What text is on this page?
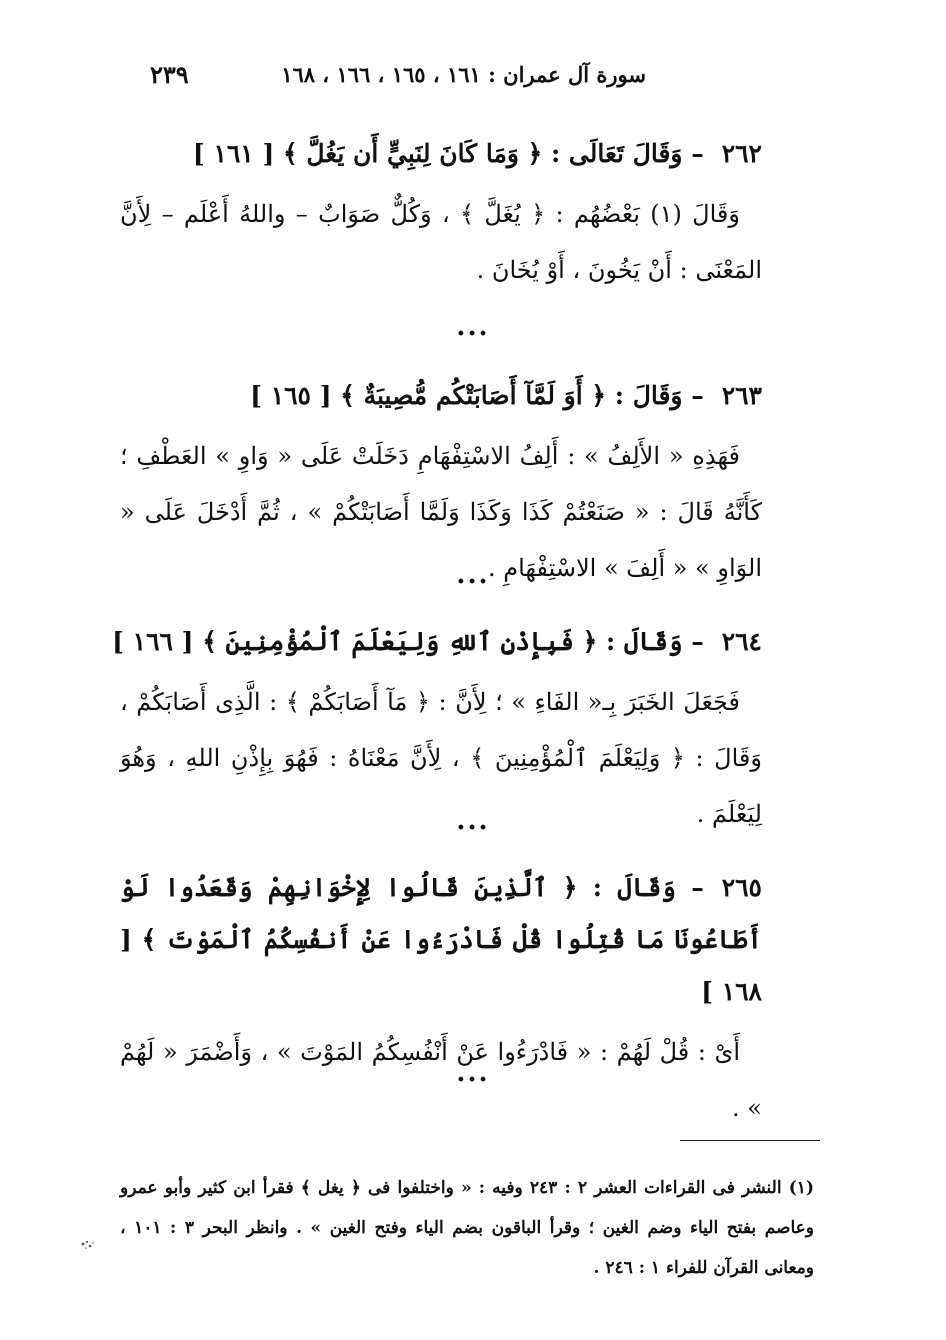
سورة آل عمران : ١٦١ ، ١٦٥ ، ١٦٦ ، ١٦٨
٢٣٩
٢٦٢– وَقَالَ تَعَالَى : ﴿ وَمَا كَانَ لِنَبِيٍّ أَن يَغُلَّ ﴾ [ ١٦١ ]
وَقَالَ (١) بَعْضُهُم : ﴿ يُغَلَّ ﴾ ، وَكُلٌّ صَوَابٌ – واللهُ أَعْلَم – لِأَنَّ المَعْنَى : أَنْ يَخُونَ ، أَوْ يُخَانَ .
...
٢٦٣– وَقَالَ : ﴿ أَوَ لَمَّآ أَصَابَتْكُم مُّصِيبَةٌ ﴾ [ ١٦٥ ]
فَهَذِهِ « الأَلِفُ » : أَلِفُ الاسْتِفْهَامِ دَخَلَتْ عَلَى « وَاوِ » العَطْفِ ؛ كَأَنَّهُ قَالَ : « صَنَعْتُمْ كَذَا وَكَذَا وَلَمَّا أَصَابَتْكُمْ » ، ثُمَّ أَدْخَلَ عَلَى « الوَاوِ » « أَلِفَ » الاسْتِفْهَامِ .
...
٢٦٤– وَقَالَ : ﴿ فَبِإِذْنِ ٱللهِ وَلِيَعْلَمَ ٱلْمُؤْمِنِينَ ﴾ [ ١٦٦ ]
فَجَعَلَ الخَبَرَ بِـ« الفَاءِ » ؛ لِأَنَّ : ﴿ مَآ أَصَابَكُمْ ﴾ : الَّذِى أَصَابَكُمْ ، وَقَالَ : ﴿ وَلِيَعْلَمَ ٱلْمُؤْمِنِينَ ﴾ ، لِأَنَّ مَعْنَاهُ : فَهُوَ بِإِذْنِ اللهِ ، وَهُوَ لِيَعْلَمَ .
...
٢٦٥– وَقَالَ : ﴿ ٱلَّذِينَ قَالُوا لِإِخْوَانِهِمْ وَقَعَدُوا لَوْ أَطَاعُونَا مَا قُتِلُوا قُلْ فَادْرَءُوا عَنْ أَنفُسِكُمُ ٱلْمَوْتَ ﴾ [ ١٦٨ ]
أَىْ : قُلْ لَهُمْ : « فَادْرَءُوا عَنْ أَنْفُسِكُمُ المَوْتَ » ، وَأَضْمَرَ « لَهُمْ » .
...
(١) النشر فى القراءات العشر ٢ : ٢٤٣ وفيه : « واختلفوا فى ﴿ يغل ﴾ فقرأ ابن كثير وأبو عمرو وعاصم بفتح الياء وضم الغين ؛ وقرأ الباقون بضم الياء وفتح الغين » . وانظر البحر ٣ : ١٠١ ، ومعانى القرآن للفراء ١ : ٢٤٦ .
